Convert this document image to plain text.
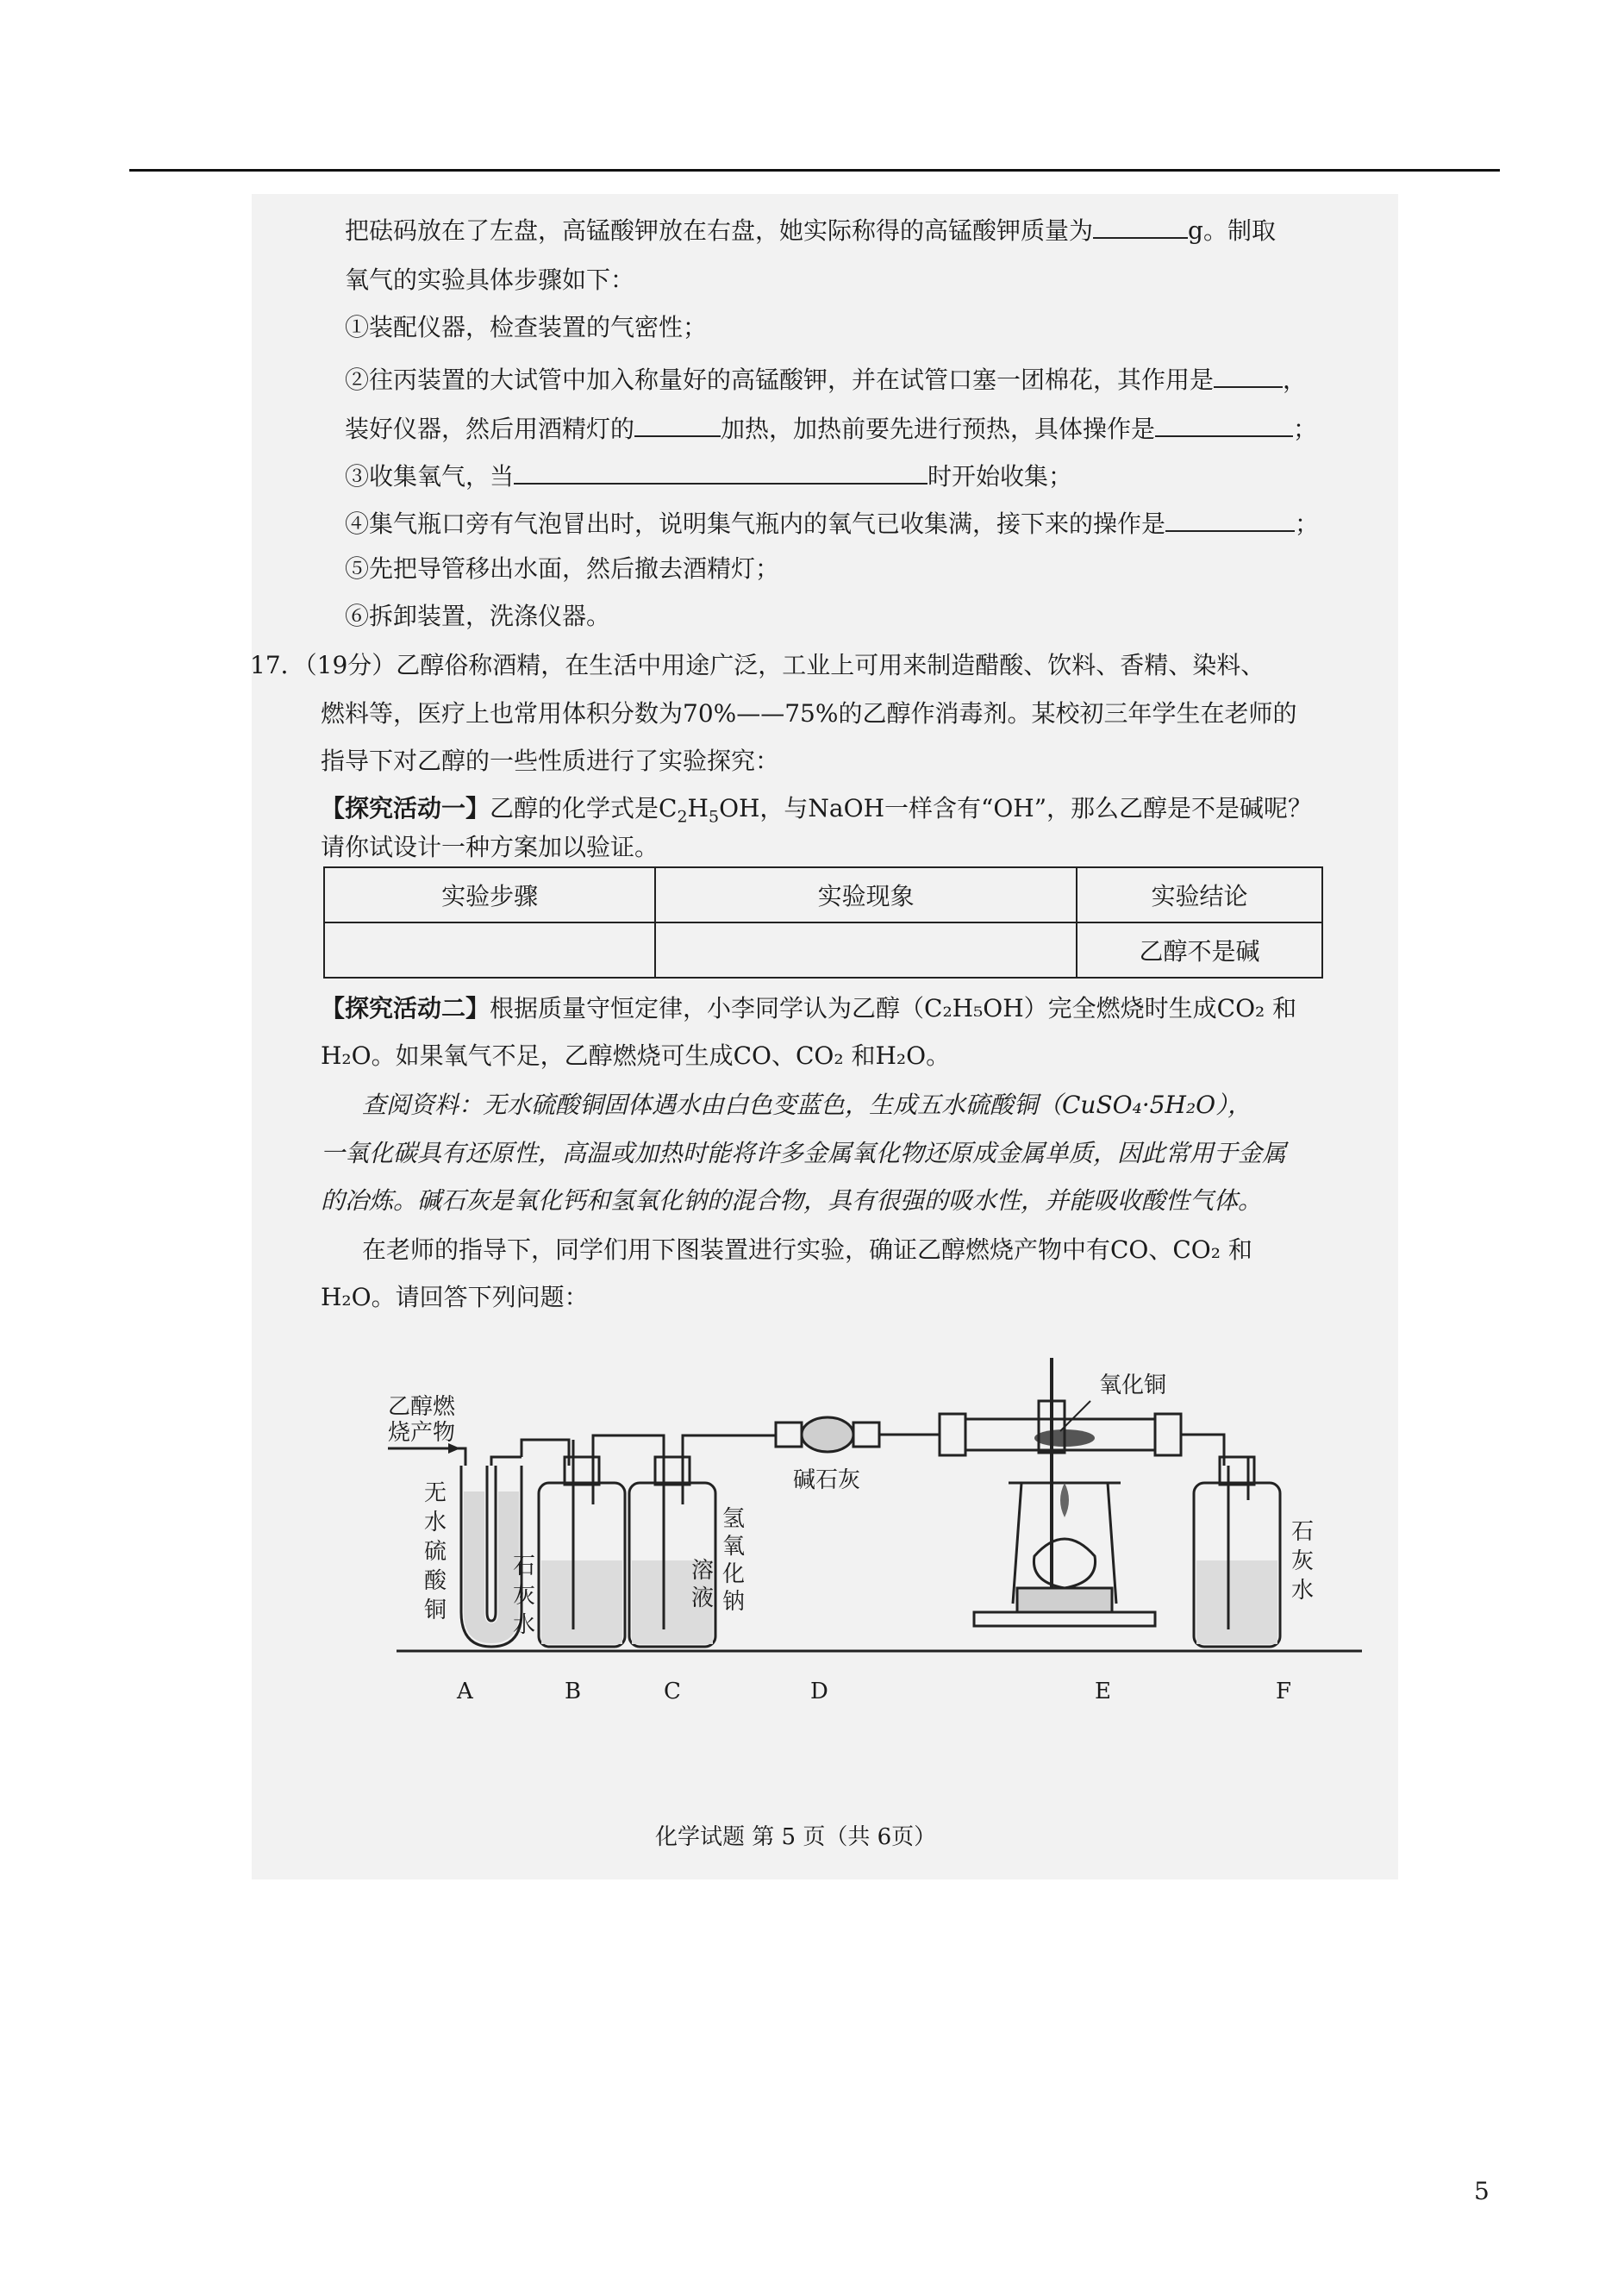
把砝码放在了左盘，高锰酸钾放在右盘，她实际称得的高锰酸钾质量为	g。制取
氧气的实验具体步骤如下：
①装配仪器，检查装置的气密性；
②往丙装置的大试管中加入称量好的高锰酸钾，并在试管口塞一团棉花，其作用是	，
装好仪器，然后用酒精灯的	加热，加热前要先进行预热，具体操作是	；
③收集氧气，当	时开始收集；
④集气瓶口旁有气泡冒出时，说明集气瓶内的氧气已收集满，接下来的操作是	；
⑤先把导管移出水面，然后撤去酒精灯；
⑥拆卸装置，洗涤仪器。
17．（19分）乙醇俗称酒精，在生活中用途广泛，工业上可用来制造醋酸、饮料、香精、染料、
燃料等，医疗上也常用体积分数为70%——75%的乙醇作消毒剂。某校初三年学生在老师的
指导下对乙醇的一些性质进行了实验探究：
【探究活动一】乙醇的化学式是$C_2H_5OH$，与NaOH一样含有“OH”，那么乙醇是不是碱呢？
请你试设计一种方案加以验证。
实验步骤	实验现象	实验结论
		乙醇不是碱
【探究活动二】根据质量守恒定律，小李同学认为乙醇（C₂H₅OH）完全燃烧时生成CO₂ 和
H₂O。如果氧气不足，乙醇燃烧可生成CO、CO₂ 和H₂O。
查阅资料：无水硫酸铜固体遇水由白色变蓝色，生成五水硫酸铜（CuSO₄·5H₂O），
一氧化碳具有还原性，高温或加热时能将许多金属氧化物还原成金属单质，因此常用于金属
的冶炼。碱石灰是氧化钙和氢氧化钠的混合物，具有很强的吸水性，并能吸收酸性气体。
在老师的指导下，同学们用下图装置进行实验，确证乙醇燃烧产物中有CO、CO₂ 和
H₂O。请回答下列问题：
乙醇燃
烧产物
无水硫酸铜
石灰水
氢氧化钠
溶液
碱石灰
氧化铜
石灰水
A	B	C	D	E	F
化学试题 第 5 页（共 6页）
5
